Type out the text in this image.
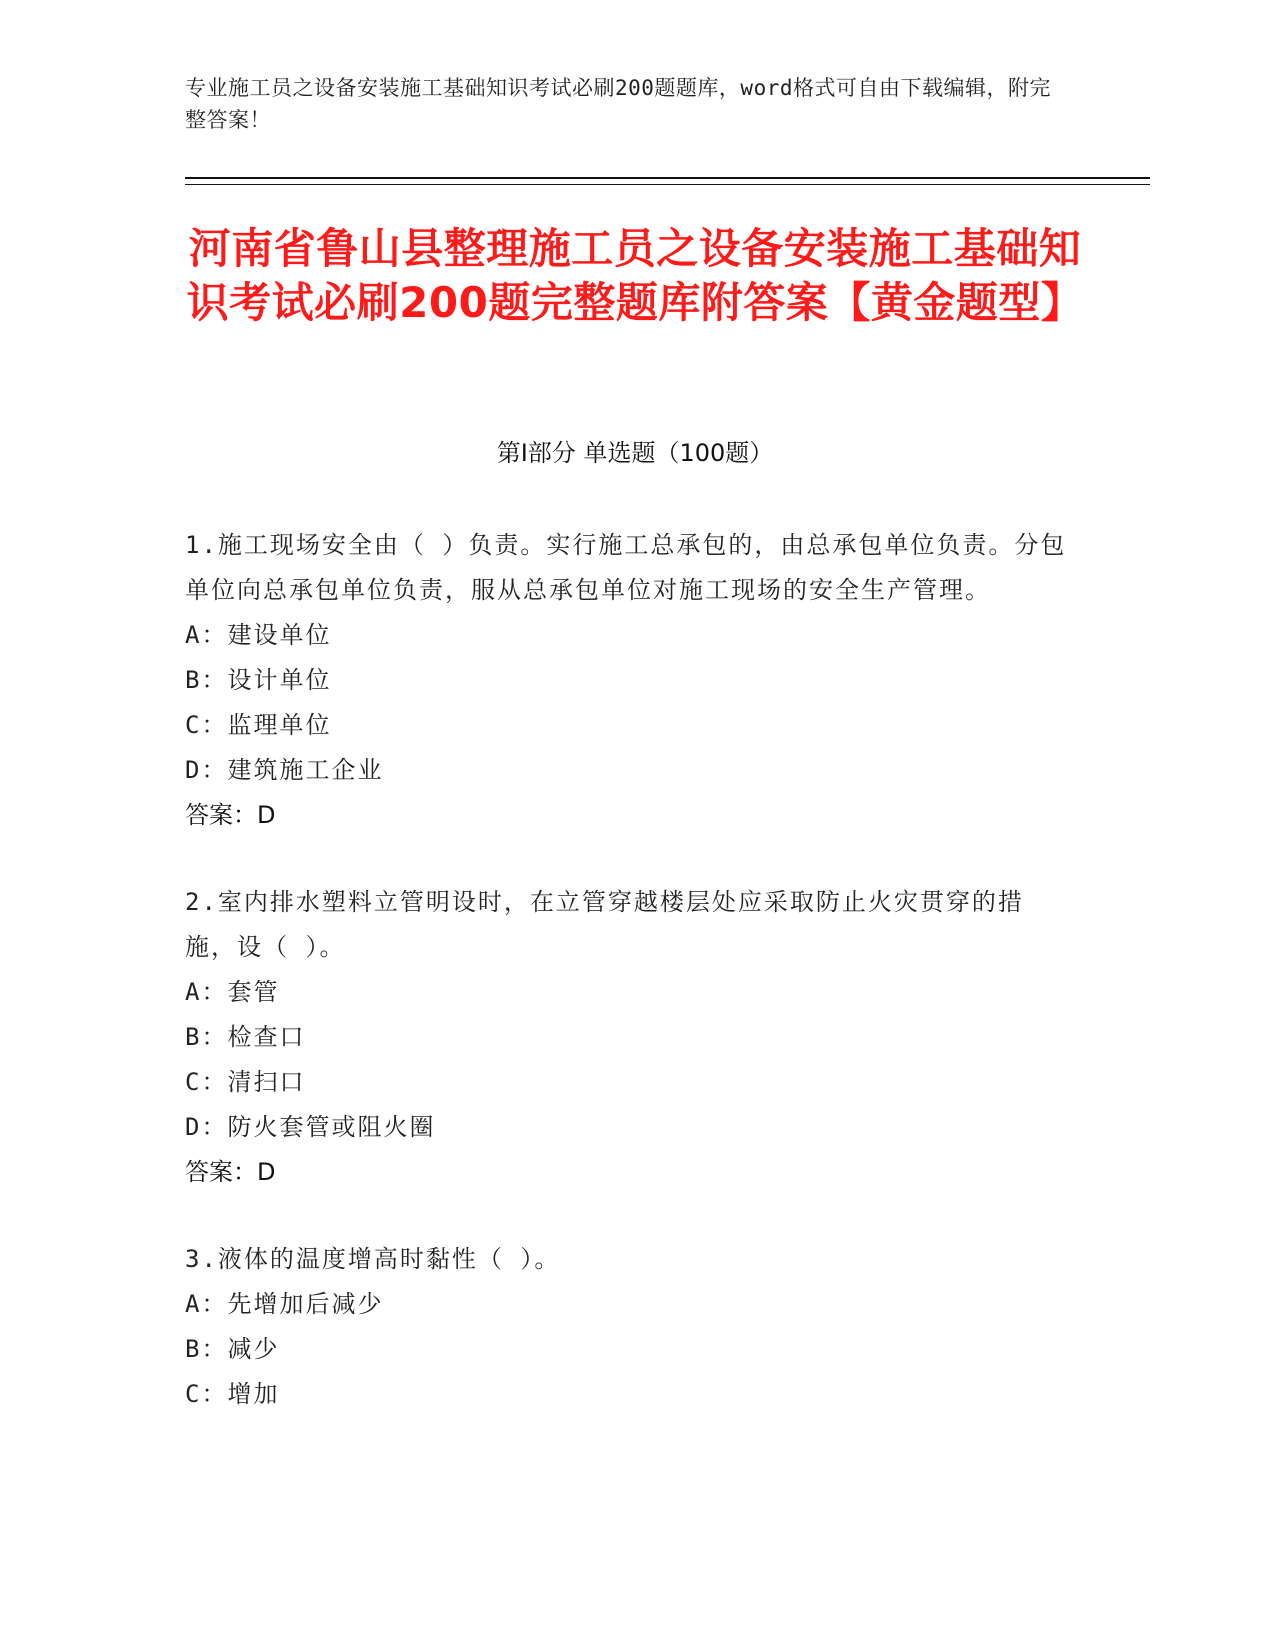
专业施工员之设备安装施工基础知识考试必刷200题题库，word格式可自由下载编辑，附完整答案！
河南省鲁山县整理施工员之设备安装施工基础知识考试必刷200题完整题库附答案【黄金题型】
第Ⅰ部分 单选题（100题）

1.施工现场安全由（ ）负责。实行施工总承包的，由总承包单位负责。分包单位向总承包单位负责，服从总承包单位对施工现场的安全生产管理。

A：建设单位

B：设计单位

C：监理单位

D：建筑施工企业

答案：D

2.室内排水塑料立管明设时，在立管穿越楼层处应采取防止火灾贯穿的措施，设（ ）。

A：套管

B：检查口

C：清扫口

D：防火套管或阻火圈

答案：D

3.液体的温度增高时黏性（ ）。

A：先增加后减少

B：减少

C：增加
